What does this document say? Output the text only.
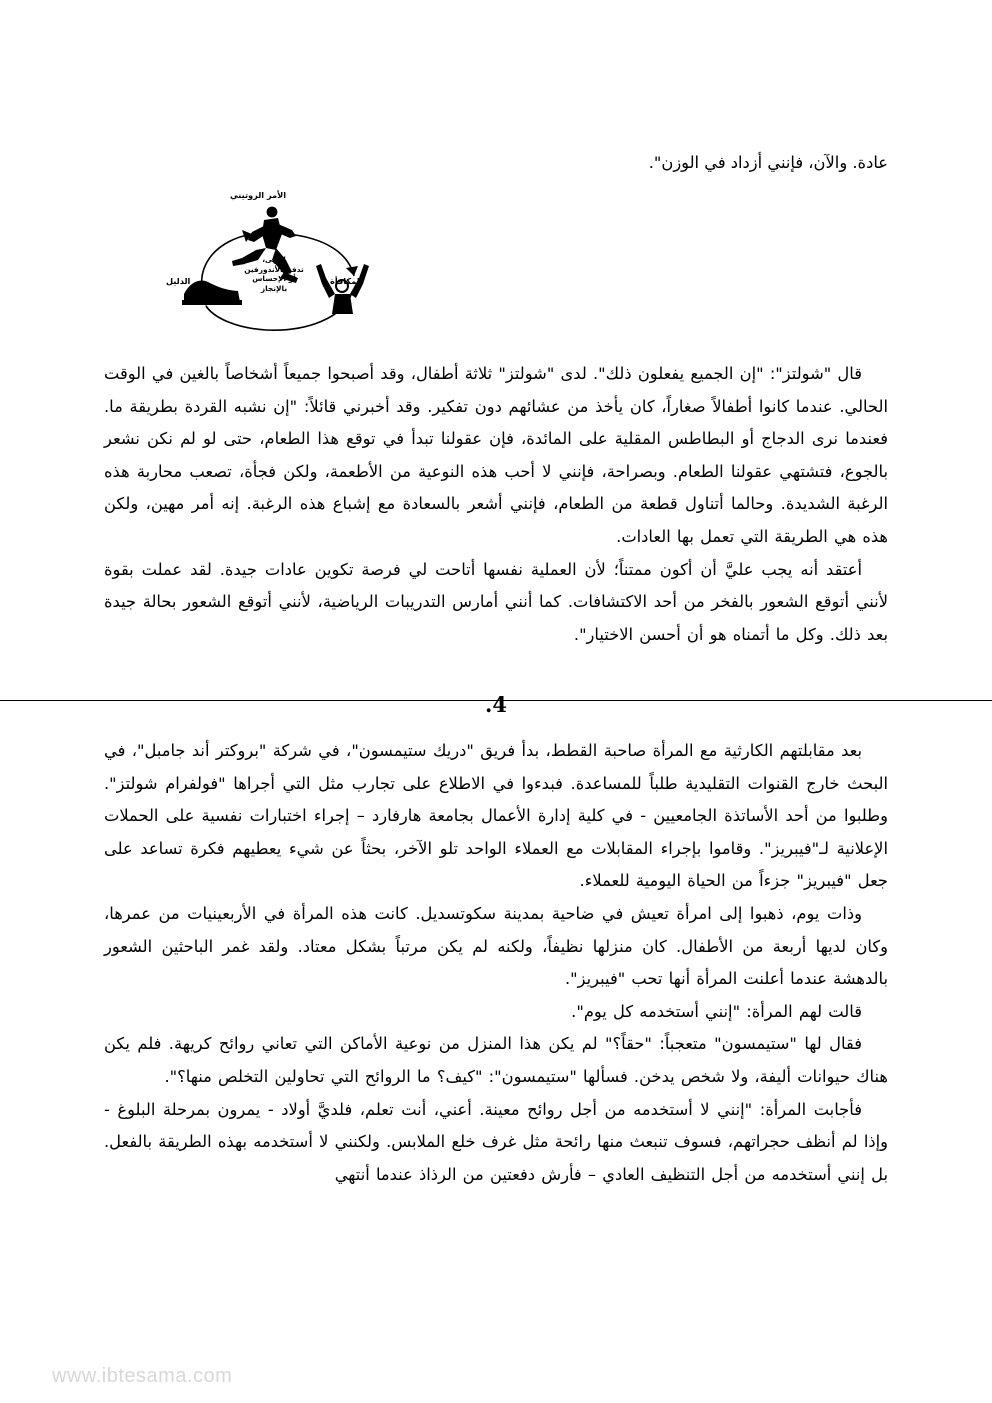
عادة. والآن، فإنني أزداد في الوزن".

الأمر الروتيني
المكافأة
الدليل
انتهى،
تدفق الأندورفين
أو الإحساس
بالإنجاز

قال "شولتز": "إن الجميع يفعلون ذلك". لدى "شولتز" ثلاثة أطفال، وقد أصبحوا جميعاً أشخاصاً بالغين في الوقت الحالي. عندما كانوا أطفالاً صغاراً، كان يأخذ من عشائهم دون تفكير. وقد أخبرني قائلاً: "إن نشبه القردة بطريقة ما. فعندما نرى الدجاج أو البطاطس المقلية على المائدة، فإن عقولنا تبدأ في توقع هذا الطعام، حتى لو لم نكن نشعر بالجوع، فتشتهي عقولنا الطعام. وبصراحة، فإنني لا أحب هذه النوعية من الأطعمة، ولكن فجأة، تصعب محاربة هذه الرغبة الشديدة. وحالما أتناول قطعة من الطعام، فإنني أشعر بالسعادة مع إشباع هذه الرغبة. إنه أمر مهين، ولكن هذه هي الطريقة التي تعمل بها العادات.

أعتقد أنه يجب عليَّ أن أكون ممتناً؛ لأن العملية نفسها أتاحت لي فرصة تكوين عادات جيدة. لقد عملت بقوة لأنني أتوقع الشعور بالفخر من أحد الاكتشافات. كما أنني أمارس التدريبات الرياضية، لأنني أتوقع الشعور بحالة جيدة بعد ذلك. وكل ما أتمناه هو أن أحسن الاختيار".

.4

بعد مقابلتهم الكارثية مع المرأة صاحبة القطط، بدأ فريق "دريك ستيمسون"، في شركة "بروكتر أند جامبل"، في البحث خارج القنوات التقليدية طلباً للمساعدة. فبدءوا في الاطلاع على تجارب مثل التي أجراها "فولفرام شولتز". وطلبوا من أحد الأساتذة الجامعيين - في كلية إدارة الأعمال بجامعة هارفارد – إجراء اختبارات نفسية على الحملات الإعلانية لـ"فيبريز". وقاموا بإجراء المقابلات مع العملاء الواحد تلو الآخر، بحثاً عن شيء يعطيهم فكرة تساعد على جعل "فيبريز" جزءاً من الحياة اليومية للعملاء.

وذات يوم، ذهبوا إلى امرأة تعيش في ضاحية بمدينة سكوتسديل. كانت هذه المرأة في الأربعينيات من عمرها، وكان لديها أربعة من الأطفال. كان منزلها نظيفاً، ولكنه لم يكن مرتباً بشكل معتاد. ولقد غمر الباحثين الشعور بالدهشة عندما أعلنت المرأة أنها تحب "فيبريز".

قالت لهم المرأة: "إنني أستخدمه كل يوم".

فقال لها "ستيمسون" متعجباً: "حقاً؟" لم يكن هذا المنزل من نوعية الأماكن التي تعاني روائح كريهة. فلم يكن هناك حيوانات أليفة، ولا شخص يدخن. فسألها "ستيمسون": "كيف؟ ما الروائح التي تحاولين التخلص منها؟".

فأجابت المرأة: "إنني لا أستخدمه من أجل روائح معينة. أعني، أنت تعلم، فلديَّ أولاد - يمرون بمرحلة البلوغ - وإذا لم أنظف حجراتهم، فسوف تنبعث منها رائحة مثل غرف خلع الملابس. ولكنني لا أستخدمه بهذه الطريقة بالفعل. بل إنني أستخدمه من أجل التنظيف العادي – فأرش دفعتين من الرذاذ عندما أنتهي

www.ibtesama.com
